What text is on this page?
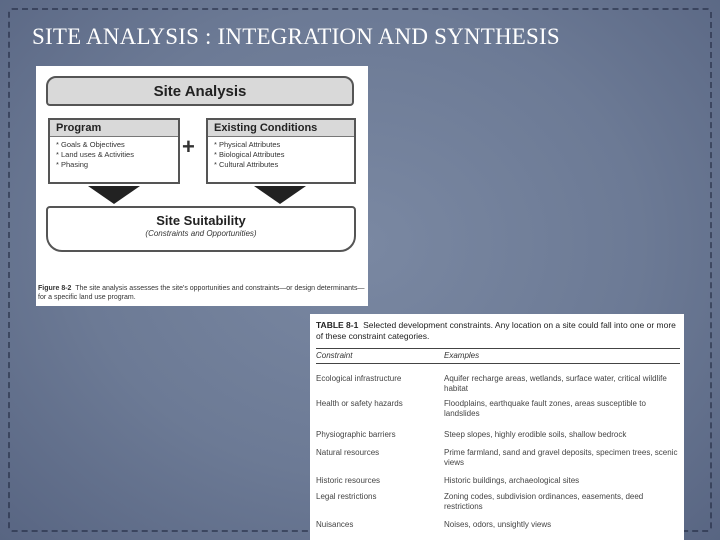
SITE ANALYSIS : INTEGRATION AND SYNTHESIS
Site Analysis
Program
* Goals & Objectives
* Land uses & Activities
* Phasing
+
Existing Conditions
* Physical Attributes
* Biological Attributes
* Cultural Attributes
Site Suitability
(Constraints and Opportunities)
Figure 8-2 The site analysis assesses the site's opportunities and constraints—or design determinants—for a specific land use program.
TABLE 8-1 Selected development constraints. Any location on a site could fall into one or more of these constraint categories.
Constraint	Examples
Ecological infrastructure	Aquifer recharge areas, wetlands, surface water, critical wildlife habitat
Health or safety hazards	Floodplains, earthquake fault zones, areas susceptible to landslides
Physiographic barriers	Steep slopes, highly erodible soils, shallow bedrock
Natural resources	Prime farmland, sand and gravel deposits, specimen trees, scenic views
Historic resources	Historic buildings, archaeological sites
Legal restrictions	Zoning codes, subdivision ordinances, easements, deed restrictions
Nuisances	Noises, odors, unsightly views
